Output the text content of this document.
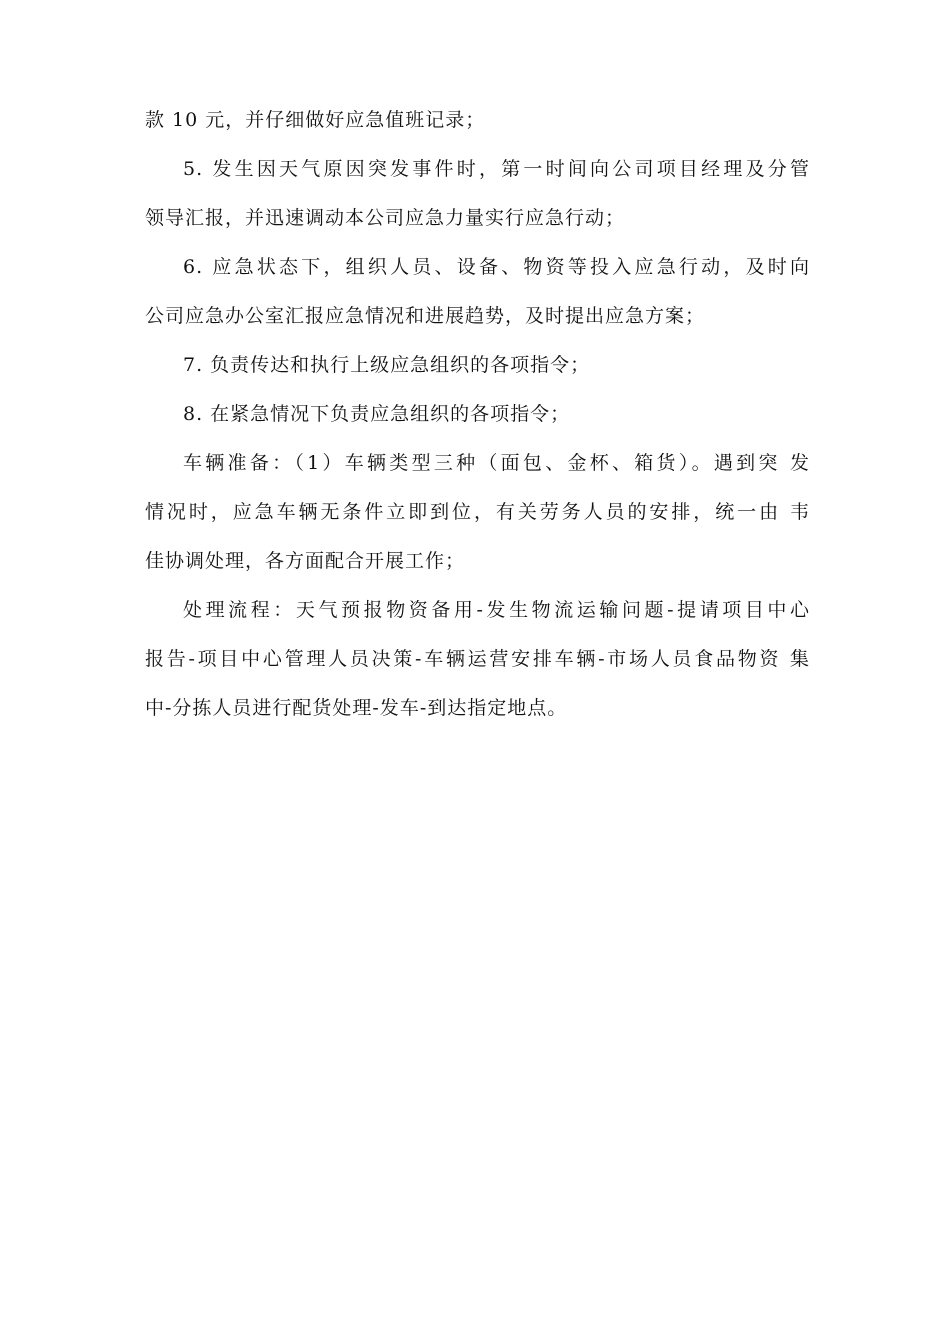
款 10 元，并仔细做好应急值班记录；
5. 发生因天气原因突发事件时，第一时间向公司项目经理及分管
领导汇报，并迅速调动本公司应急力量实行应急行动；
6. 应急状态下，组织人员、设备、物资等投入应急行动，及时向
公司应急办公室汇报应急情况和进展趋势，及时提出应急方案；
7. 负责传达和执行上级应急组织的各项指令；
8. 在紧急情况下负责应急组织的各项指令；
车辆准备：（1）车辆类型三种（面包、金杯、箱货）。遇到突 发
情况时，应急车辆无条件立即到位，有关劳务人员的安排，统一由 韦
佳协调处理，各方面配合开展工作；
处理流程：天气预报物资备用-发生物流运输问题-提请项目中心
报告-项目中心管理人员决策-车辆运营安排车辆-市场人员食品物资 集
中-分拣人员进行配货处理-发车-到达指定地点。
